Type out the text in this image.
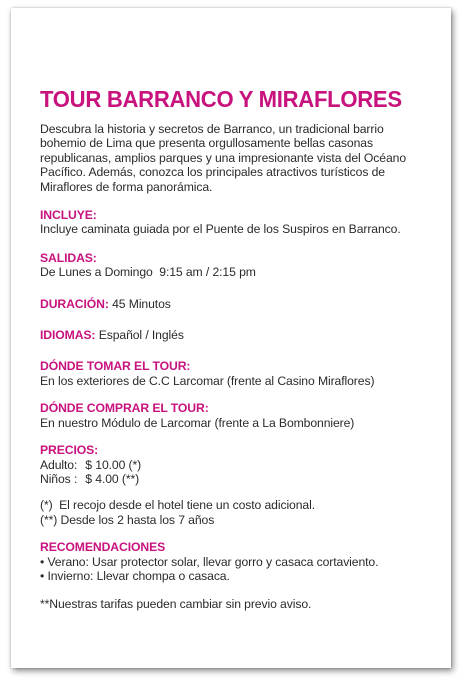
TOUR BARRANCO Y MIRAFLORES

Descubra la historia y secretos de Barranco, un tradicional barrio bohemio de Lima que presenta orgullosamente bellas casonas republicanas, amplios parques y una impresionante vista del Océano Pacífico. Además, conozca los principales atractivos turísticos de Miraflores de forma panorámica.

INCLUYE:

Incluye caminata guiada por el Puente de los Suspiros en Barranco.

SALIDAS:

De Lunes a Domingo  9:15 am / 2:15 pm

DURACIÓN: 45 Minutos
IDIOMAS: Español / Inglés
DÓNDE TOMAR EL TOUR:

En los exteriores de C.C Larcomar (frente al Casino Miraflores)

DÓNDE COMPRAR EL TOUR:

En nuestro Módulo de Larcomar (frente a La Bombonniere)

PRECIOS:
Adulto: $ 10.00 (*)
Niños : $ 4.00 (**)

(*)  El recojo desde el hotel tiene un costo adicional.

(**) Desde los 2 hasta los 7 años

RECOMENDACIONES

• Verano: Usar protector solar, llevar gorro y casaca cortaviento.

• Invierno: Llevar chompa o casaca.

**Nuestras tarifas pueden cambiar sin previo aviso.
